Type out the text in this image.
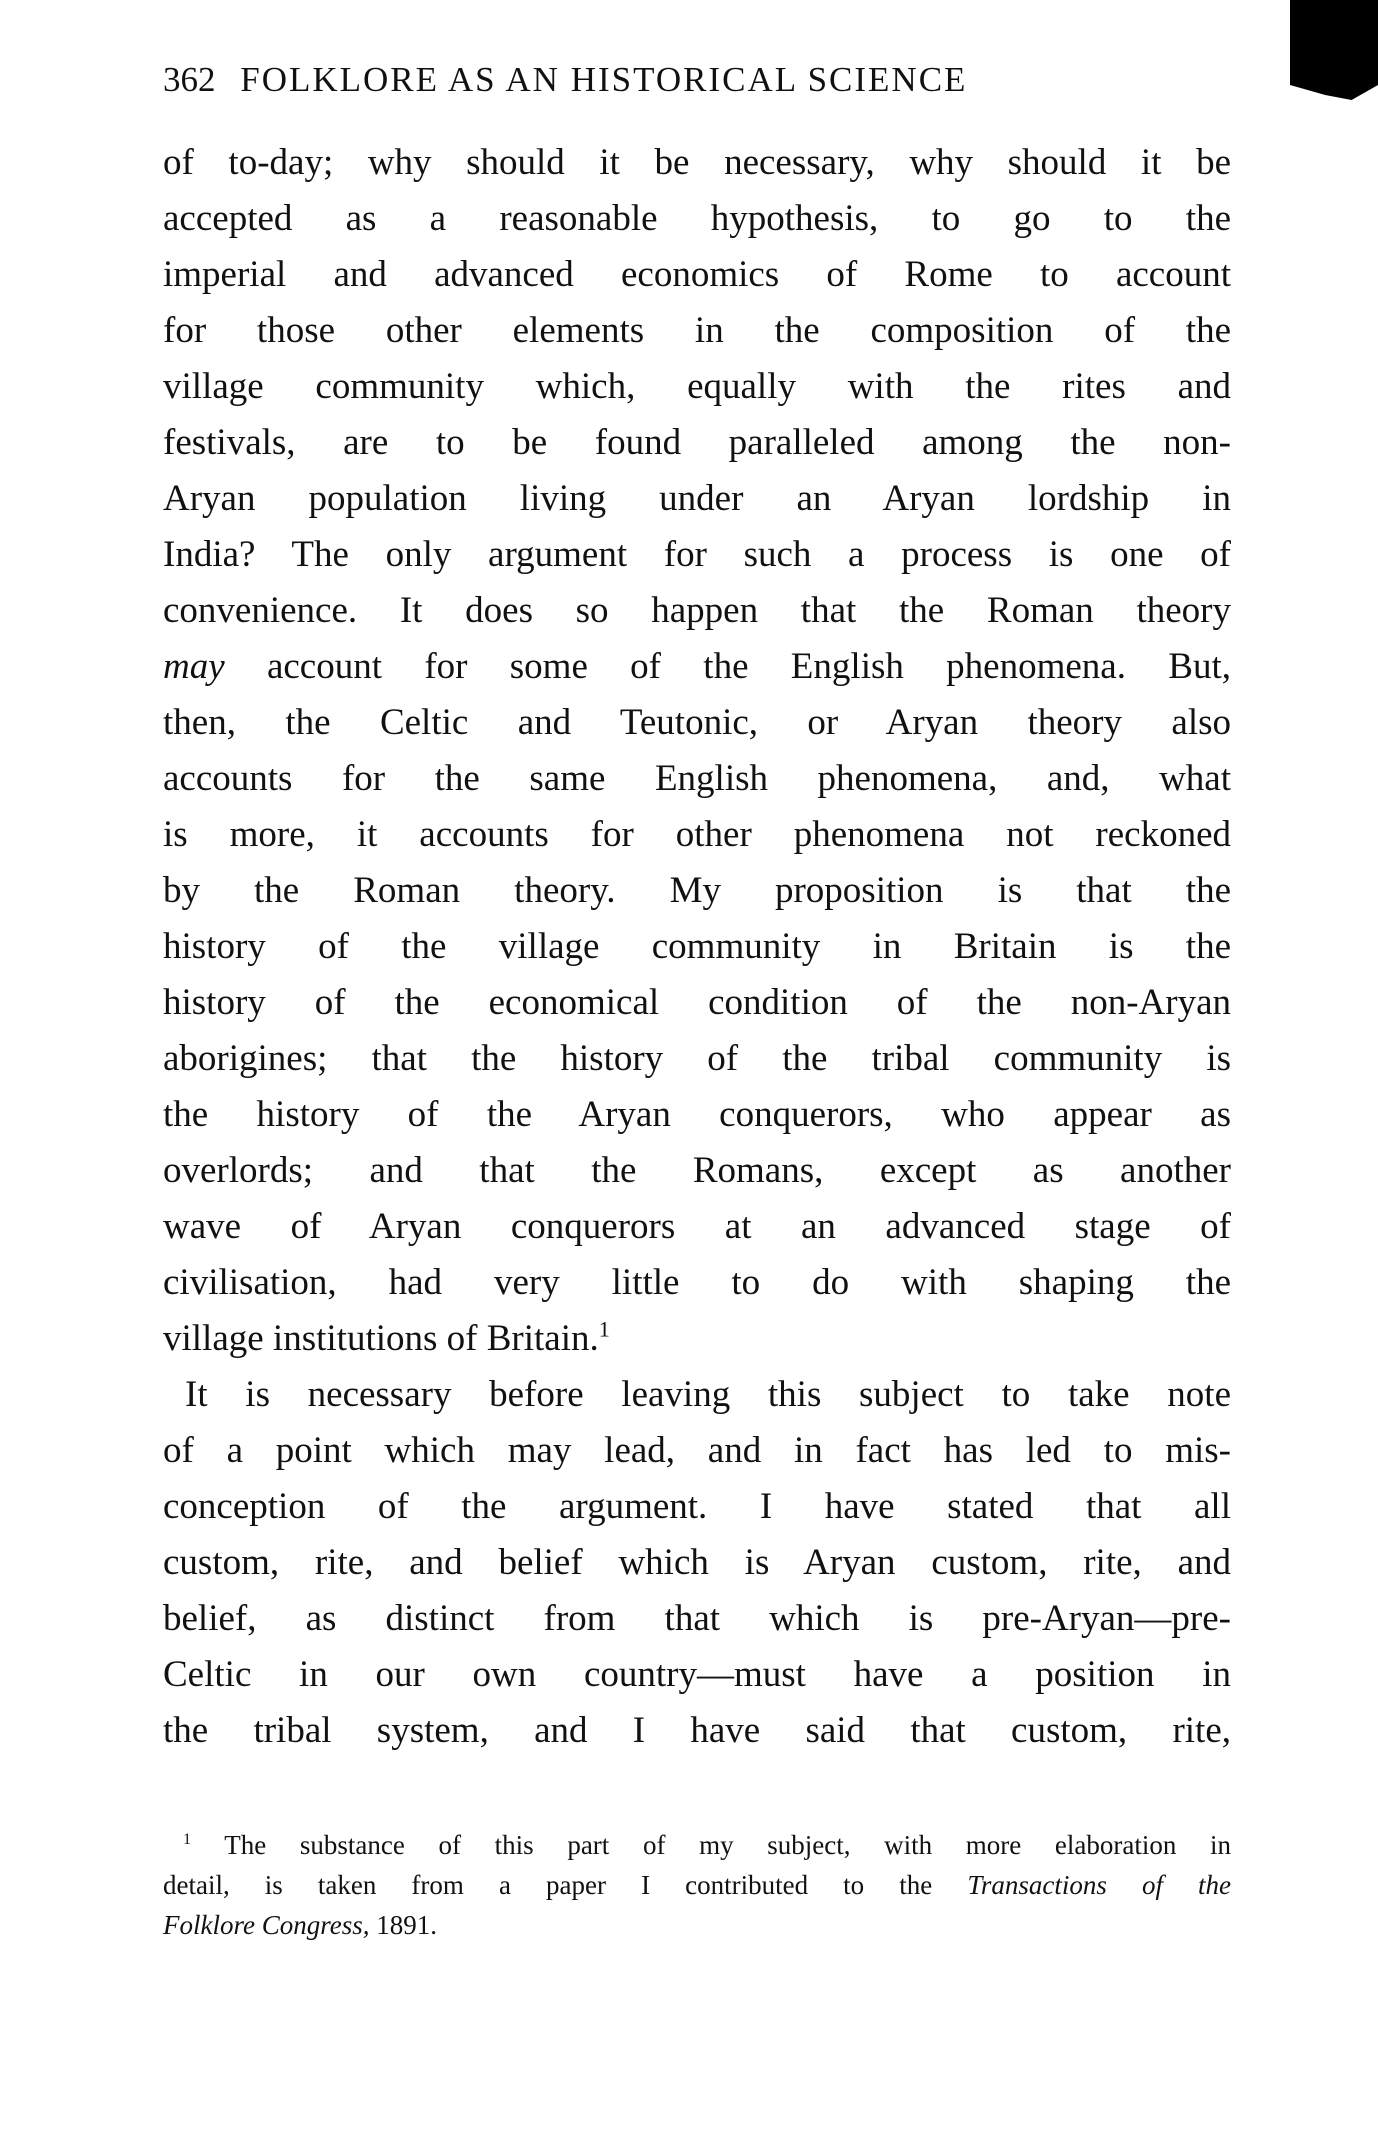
362 FOLKLORE AS AN HISTORICAL SCIENCE
of to-day; why should it be necessary, why should it be
accepted as a reasonable hypothesis, to go to the
imperial and advanced economics of Rome to account
for those other elements in the composition of the
village community which, equally with the rites and
festivals, are to be found paralleled among the non-
Aryan population living under an Aryan lordship in
India? The only argument for such a process is one of
convenience. It does so happen that the Roman theory
may account for some of the English phenomena. But,
then, the Celtic and Teutonic, or Aryan theory also
accounts for the same English phenomena, and, what
is more, it accounts for other phenomena not reckoned
by the Roman theory. My proposition is that the
history of the village community in Britain is the
history of the economical condition of the non-Aryan
aborigines; that the history of the tribal community is
the history of the Aryan conquerors, who appear as
overlords; and that the Romans, except as another
wave of Aryan conquerors at an advanced stage of
civilisation, had very little to do with shaping the
village institutions of Britain.$^1$
It is necessary before leaving this subject to take note
of a point which may lead, and in fact has led to mis-
conception of the argument. I have stated that all
custom, rite, and belief which is Aryan custom, rite, and
belief, as distinct from that which is pre-Aryan—pre-
Celtic in our own country—must have a position in
the tribal system, and I have said that custom, rite,
$^1$ The substance of this part of my subject, with more elaboration in
detail, is taken from a paper I contributed to the Transactions of the
Folklore Congress, 1891.
